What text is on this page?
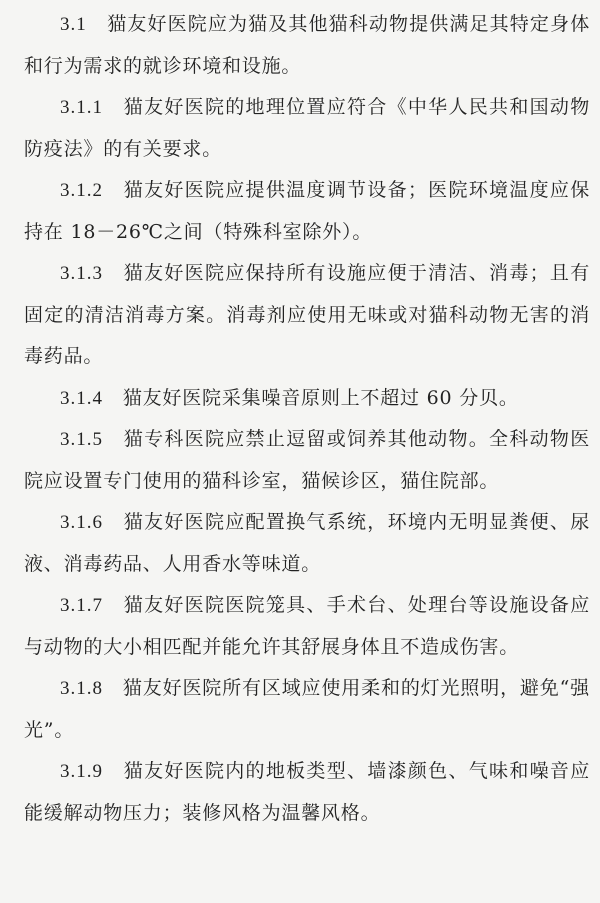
3.1　 猫友好医院应为猫及其他猫科动物提供满足其特定身体和行为需求的就诊环境和设施。

3.1.1　 猫友好医院的地理位置应符合《中华人民共和国动物防疫法》的有关要求。

3.1.2　 猫友好医院应提供温度调节设备；医院环境温度应保持在 18－26℃之间（特殊科室除外）。

3.1.3　 猫友好医院应保持所有设施应便于清洁、消毒；且有固定的清洁消毒方案。消毒剂应使用无味或对猫科动物无害的消毒药品。

3.1.4　 猫友好医院采集噪音原则上不超过 60 分贝。

3.1.5　 猫专科医院应禁止逗留或饲养其他动物。全科动物医院应设置专门使用的猫科诊室，猫候诊区，猫住院部。

3.1.6　 猫友好医院应配置换气系统，环境内无明显粪便、尿液、消毒药品、人用香水等味道。

3.1.7　 猫友好医院医院笼具、手术台、处理台等设施设备应与动物的大小相匹配并能允许其舒展身体且不造成伤害。

3.1.8　 猫友好医院所有区域应使用柔和的灯光照明，避免“强光”。

3.1.9　 猫友好医院内的地板类型、墙漆颜色、气味和噪音应能缓解动物压力；装修风格为温馨风格。
